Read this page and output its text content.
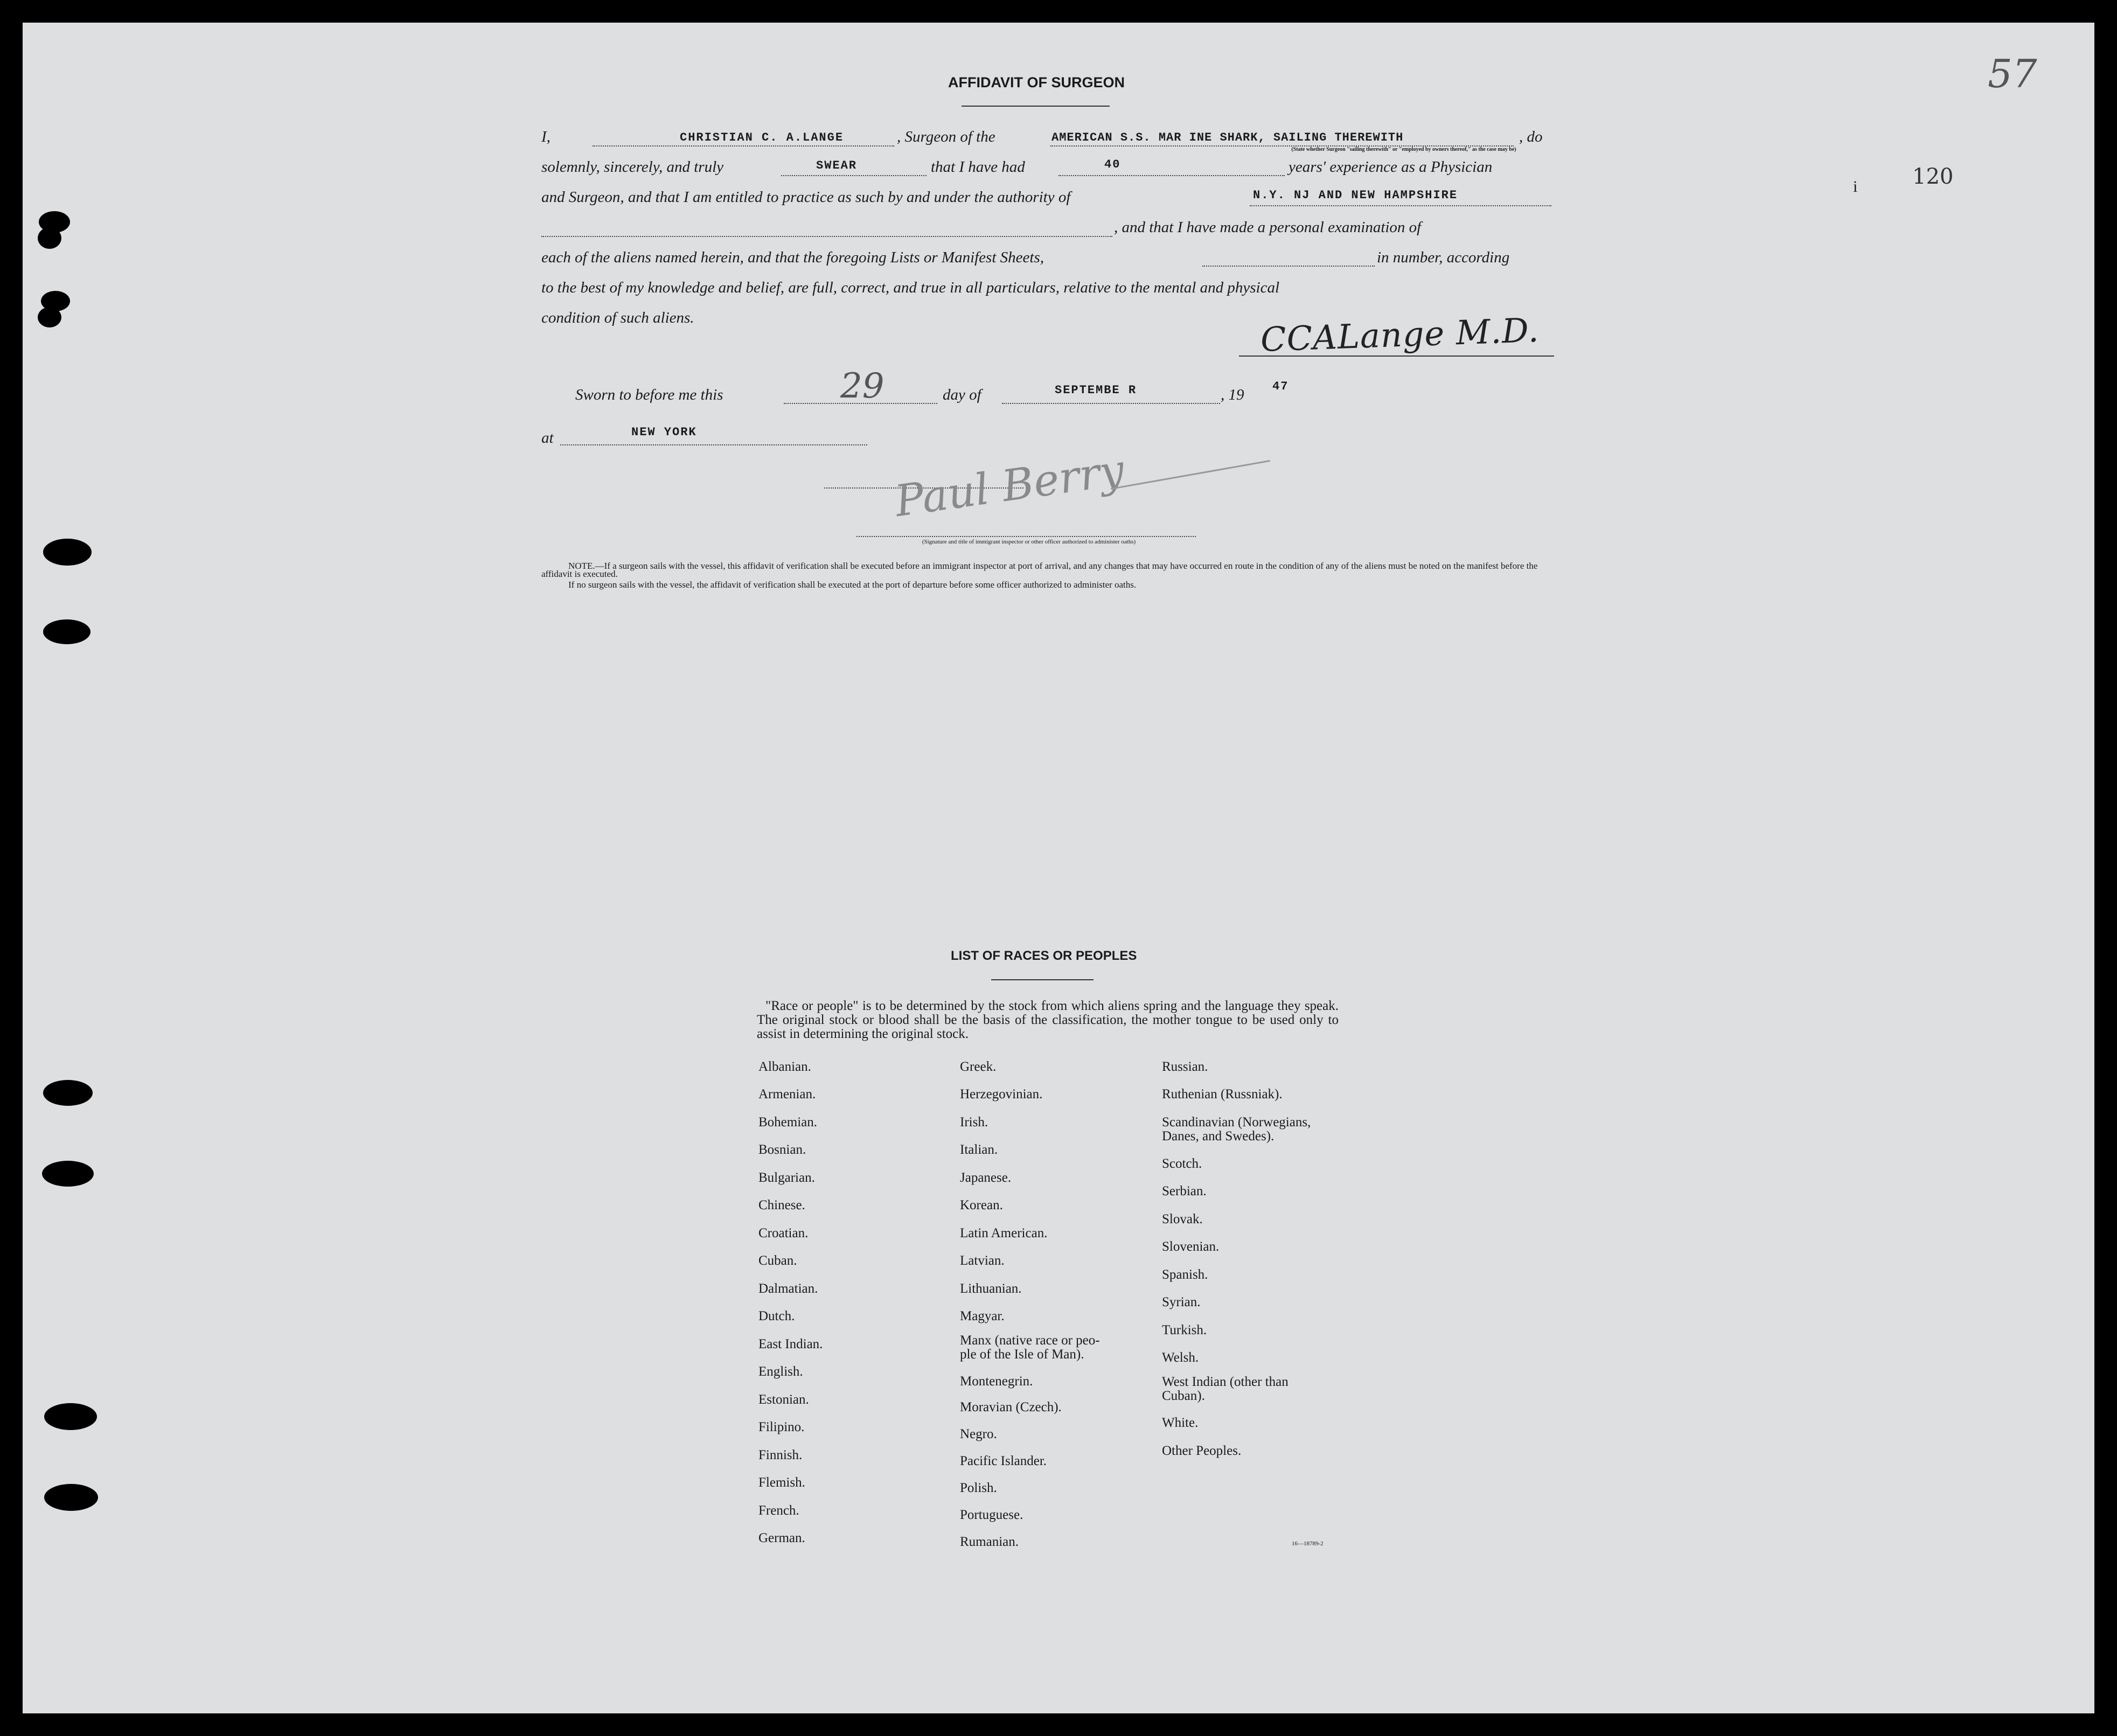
57
120
i
AFFIDAVIT OF SURGEON
I,	CHRISTIAN C. A.LANGE	, Surgeon of the	AMERICAN S.S. MAR INE SHARK, SAILING THEREWITH	, do
(State whether Surgeon "sailing therewith" or "employed by owners thereof," as the case may be)
solemnly, sincerely, and truly	SWEAR	that I have had	40	years' experience as a Physician
and Surgeon, and that I am entitled to practice as such by and under the authority of	N.Y. NJ AND NEW HAMPSHIRE
, and that I have made a personal examination of
each of the aliens named herein, and that the foregoing Lists or Manifest Sheets,	in number, according
to the best of my knowledge and belief, are full, correct, and true in all particulars, relative to the mental and physical
condition of such aliens.	CCALange M.D.
Sworn to before me this	29	day of	SEPTEMBE R	, 19 47
at	NEW YORK
Paul Berry
(Signature and title of immigrant inspector or other officer authorized to administer oaths)
NOTE.—If a surgeon sails with the vessel, this affidavit of verification shall be executed before an immigrant inspector at port of arrival, and any changes that may have occurred en route in the condition of any of the aliens must be noted on the manifest before the affidavit is executed.
If no surgeon sails with the vessel, the affidavit of verification shall be executed at the port of departure before some officer authorized to administer oaths.
LIST OF RACES OR PEOPLES
"Race or people" is to be determined by the stock from which aliens spring and the language they speak. The original stock or blood shall be the basis of the classification, the mother tongue to be used only to assist in determining the original stock.
Albanian.
Armenian.
Bohemian.
Bosnian.
Bulgarian.
Chinese.
Croatian.
Cuban.
Dalmatian.
Dutch.
East Indian.
English.
Estonian.
Filipino.
Finnish.
Flemish.
French.
German.
Greek.
Herzegovinian.
Irish.
Italian.
Japanese.
Korean.
Latin American.
Latvian.
Lithuanian.
Magyar.
Manx (native race or peo-
ple of the Isle of Man).
Montenegrin.
Moravian (Czech).
Negro.
Pacific Islander.
Polish.
Portuguese.
Rumanian.
Russian.
Ruthenian (Russniak).
Scandinavian (Norwegians,
Danes, and Swedes).
Scotch.
Serbian.
Slovak.
Slovenian.
Spanish.
Syrian.
Turkish.
Welsh.
West Indian (other than
Cuban).
White.
Other Peoples.
16—18789-2
